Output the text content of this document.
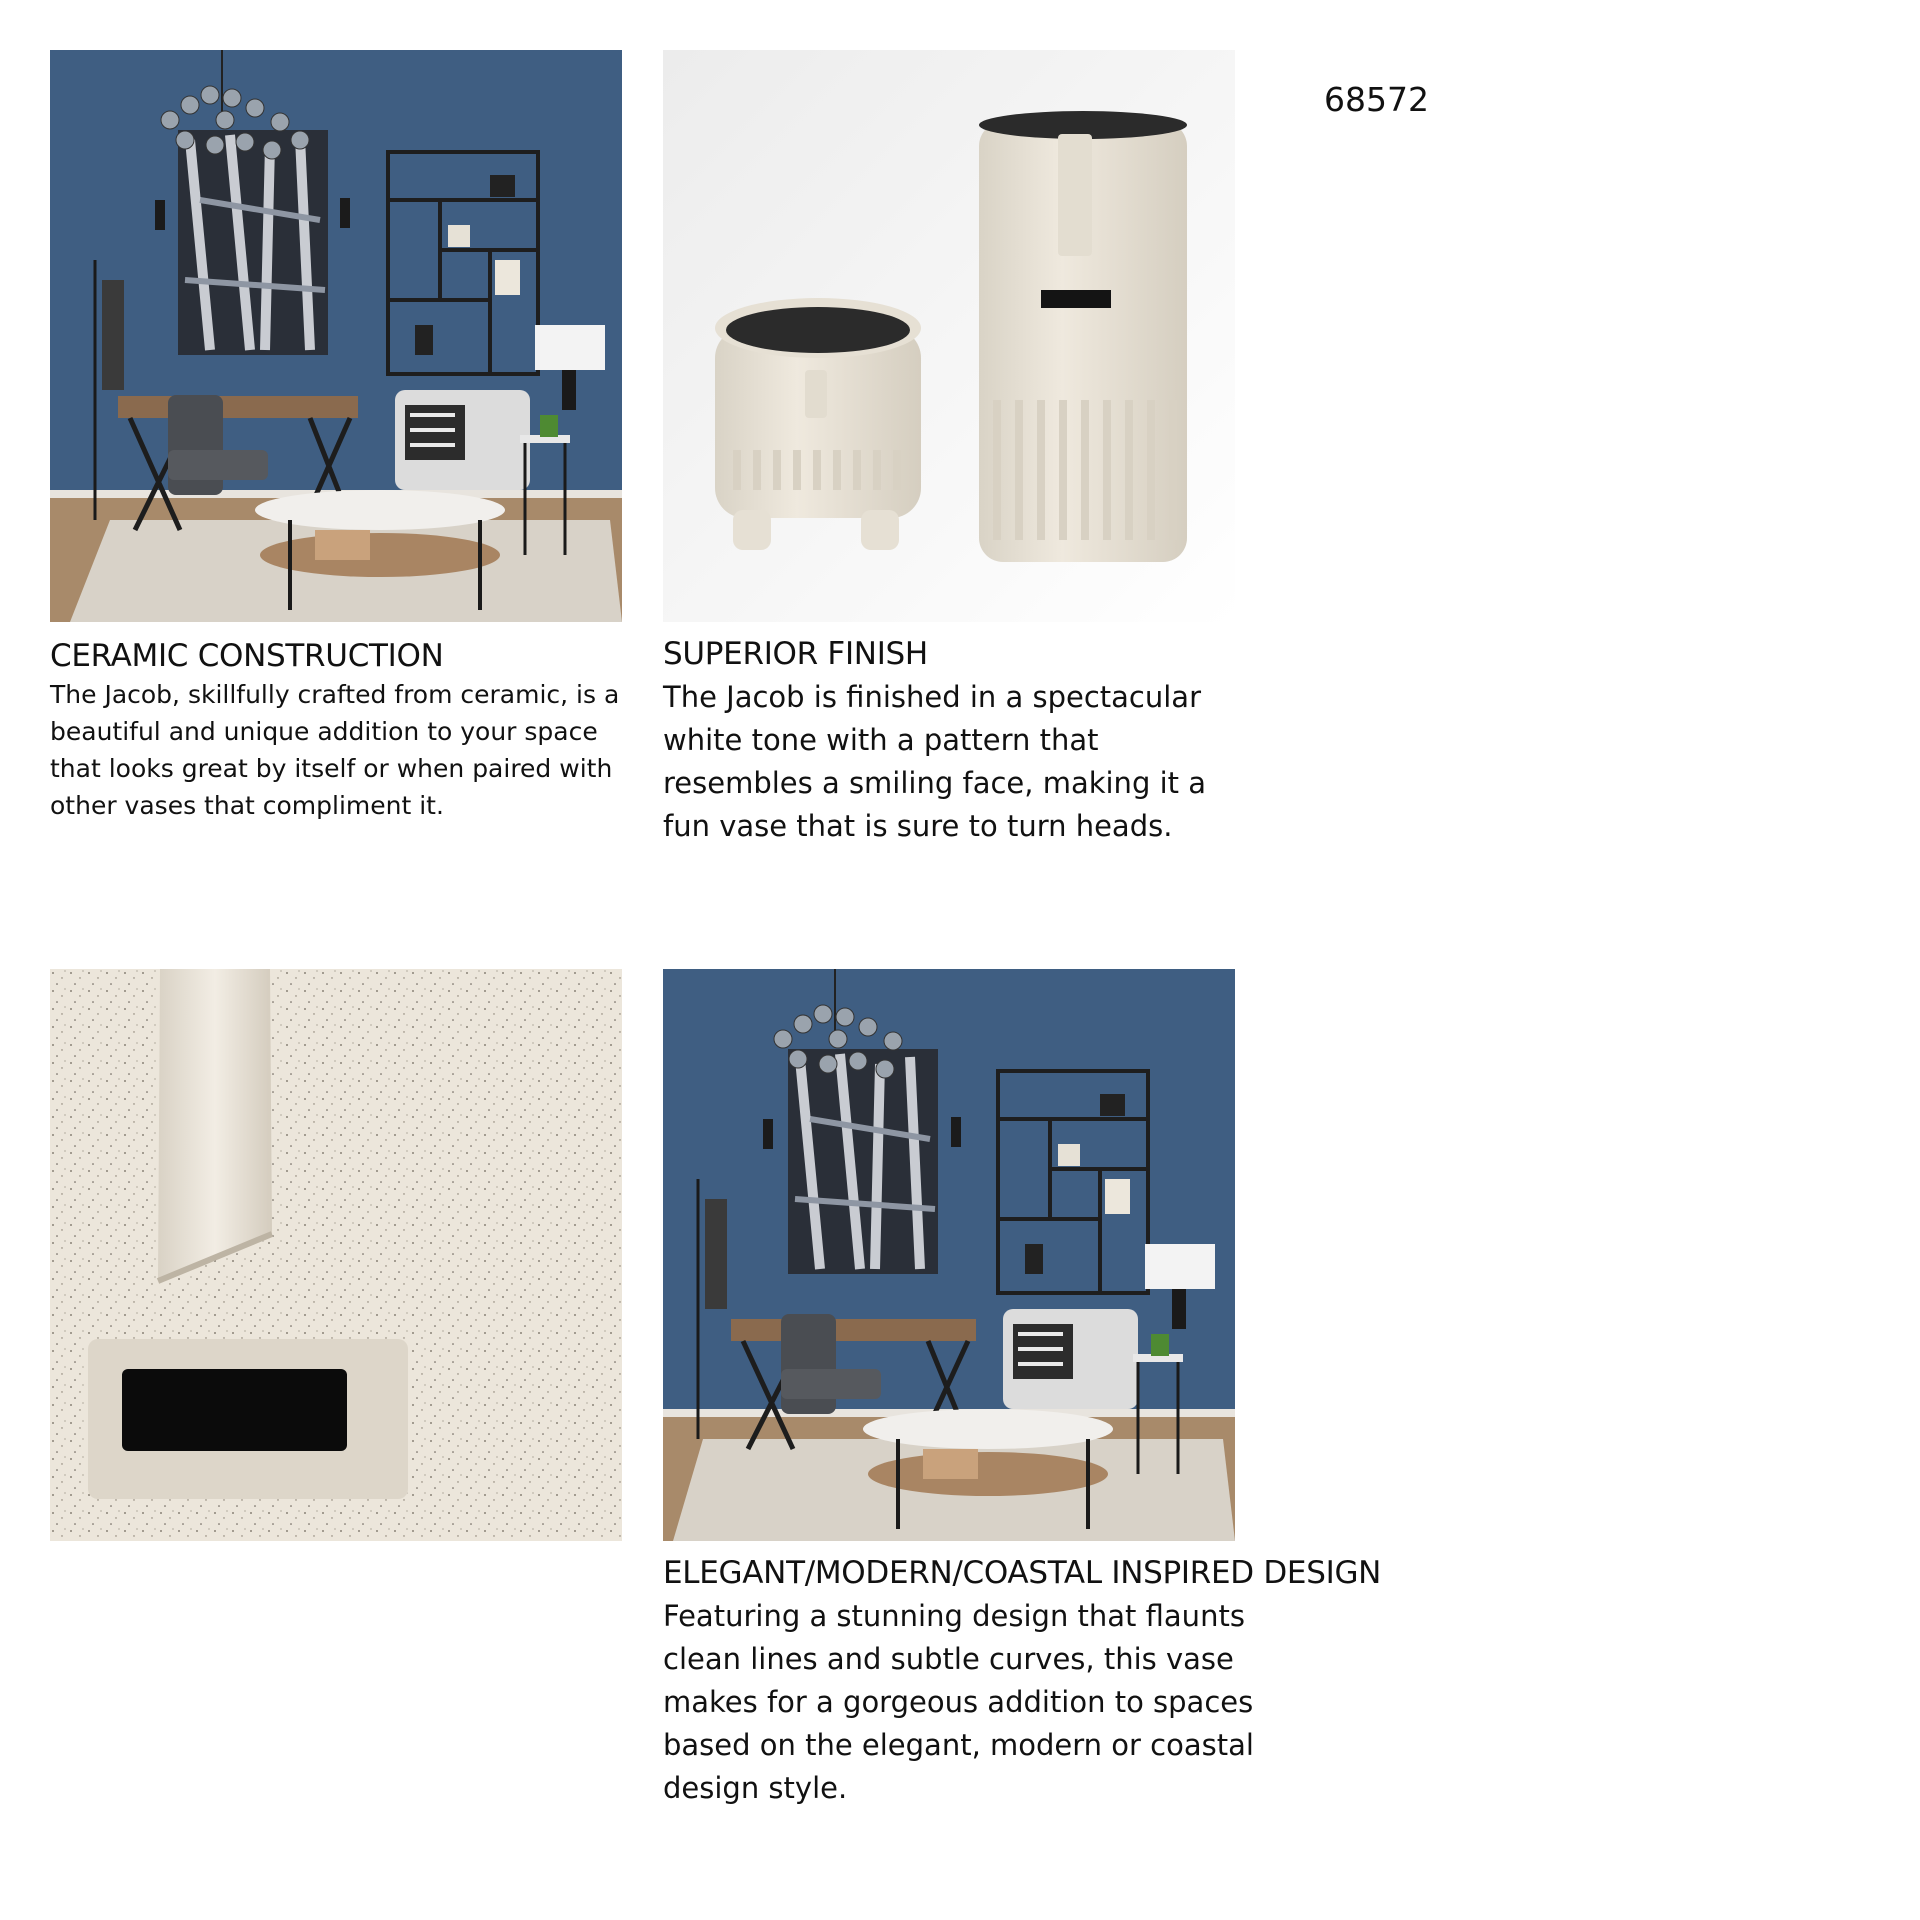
68572
CERAMIC CONSTRUCTION

The Jacob, skillfully crafted from ceramic, is a beautiful and unique addition to your space that looks great by itself or when paired with other vases that compliment it.

SUPERIOR FINISH

The Jacob is finished in a spectacular white tone with a pattern that resembles a smiling face, making it a fun vase that is sure to turn heads.

ELEGANT/MODERN/COASTAL INSPIRED DESIGN

Featuring a stunning design that flaunts clean lines and subtle curves, this vase makes for a gorgeous addition to spaces based on the elegant, modern or coastal design style.
